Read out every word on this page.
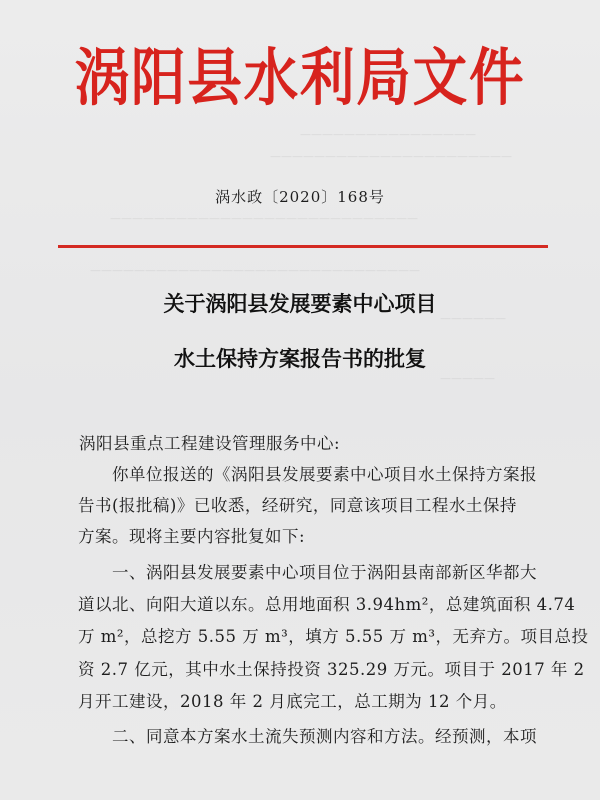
————————————————
——————————————————————
————————————————————————————
——————————————————————————————
——————
—————
涡阳县水利局文件
涡水政〔2020〕168号
关于涡阳县发展要素中心项目
水土保持方案报告书的批复
涡阳县重点工程建设管理服务中心:
你单位报送的《涡阳县发展要素中心项目水土保持方案报
告书(报批稿)》已收悉，经研究，同意该项目工程水土保持
方案。现将主要内容批复如下:
一、涡阳县发展要素中心项目位于涡阳县南部新区华都大
道以北、向阳大道以东。总用地面积 3.94hm²，总建筑面积 4.74
万 m²，总挖方 5.55 万 m³，填方 5.55 万 m³，无弃方。项目总投
资 2.7 亿元，其中水土保持投资 325.29 万元。项目于 2017 年 2
月开工建设，2018 年 2 月底完工，总工期为 12 个月。
二、同意本方案水土流失预测内容和方法。经预测，本项
